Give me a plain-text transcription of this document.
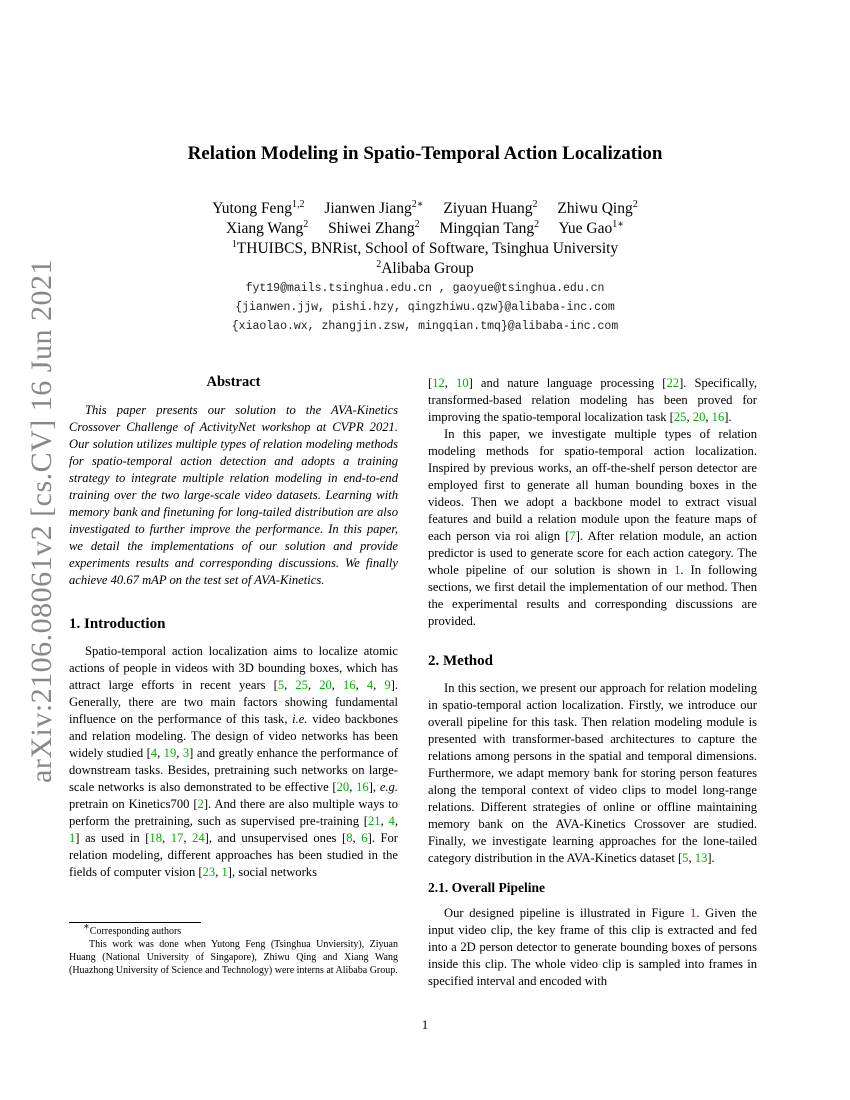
Relation Modeling in Spatio-Temporal Action Localization
Yutong Feng$^{1,2}$ Jianwen Jiang$^{2∗}$ Ziyuan Huang$^2$ Zhiwu Qing$^2$
Xiang Wang$^2$ Shiwei Zhang$^2$ Mingqian Tang$^2$ Yue Gao$^{1∗}$
$^1$THUIBCS, BNRist, School of Software, Tsinghua University
$^2$Alibaba Group
fyt19@mails.tsinghua.edu.cn , gaoyue@tsinghua.edu.cn
{jianwen.jjw, pishi.hzy, qingzhiwu.qzw}@alibaba-inc.com
{xiaolao.wx, zhangjin.zsw, mingqian.tmq}@alibaba-inc.com
arXiv:2106.08061v2 [cs.CV] 16 Jun 2021	Abstract

This paper presents our solution to the AVA-Kinetics Crossover Challenge of ActivityNet workshop at CVPR 2021. Our solution utilizes multiple types of relation modeling methods for spatio-temporal action detection and adopts a training strategy to integrate multiple relation modeling in end-to-end training over the two large-scale video datasets. Learning with memory bank and finetuning for long-tailed distribution are also investigated to further improve the performance. In this paper, we detail the implementations of our solution and provide experiments results and corresponding discussions. We finally achieve 40.67 mAP on the test set of AVA-Kinetics.

1. Introduction

Spatio-temporal action localization aims to localize atomic actions of people in videos with 3D bounding boxes, which has attract large efforts in recent years [5, 25, 20, 16, 4, 9]. Generally, there are two main factors showing fundamental influence on the performance of this task, i.e. video backbones and relation modeling. The design of video networks has been widely studied [4, 19, 3] and greatly enhance the performance of downstream tasks. Besides, pretraining such networks on large-scale networks is also demonstrated to be effective [20, 16], e.g. pretrain on Kinetics700 [2]. And there are also multiple ways to perform the pretraining, such as supervised pre-training [21, 4, 1] as used in [18, 17, 24], and unsupervised ones [8, 6]. For relation modeling, different approaches has been studied in the fields of computer vision [23, 1], social networks

∗Corresponding authors
This work was done when Yutong Feng (Tsinghua Unviersity), Ziyuan Huang (National University of Singapore), Zhiwu Qing and Xiang Wang (Huazhong University of Science and Technology) were interns at Alibaba Group.

[12, 10] and nature language processing [22]. Specifically, transformed-based relation modeling has been proved for improving the spatio-temporal localization task [25, 20, 16].

In this paper, we investigate multiple types of relation modeling methods for spatio-temporal action localization. Inspired by previous works, an off-the-shelf person detector are employed first to generate all human bounding boxes in the videos. Then we adopt a backbone model to extract visual features and build a relation module upon the feature maps of each person via roi align [7]. After relation module, an action predictor is used to generate score for each action category. The whole pipeline of our solution is shown in 1. In following sections, we first detail the implementation of our method. Then the experimental results and corresponding discussions are provided.

2. Method

In this section, we present our approach for relation modeling in spatio-temporal action localization. Firstly, we introduce our overall pipeline for this task. Then relation modeling module is presented with transformer-based architectures to capture the relations among persons in the spatial and temporal dimensions. Furthermore, we adapt memory bank for storing person features along the temporal context of video clips to model long-range relations. Different strategies of online or offline maintaining memory bank on the AVA-Kinetics Crossover are studied. Finally, we investigate learning approaches for the lone-tailed category distribution in the AVA-Kinetics dataset [5, 13].

2.1. Overall Pipeline

Our designed pipeline is illustrated in Figure 1. Given the input video clip, the key frame of this clip is extracted and fed into a 2D person detector to generate bounding boxes of persons inside this clip. The whole video clip is sampled into frames in specified interval and encoded with

1
